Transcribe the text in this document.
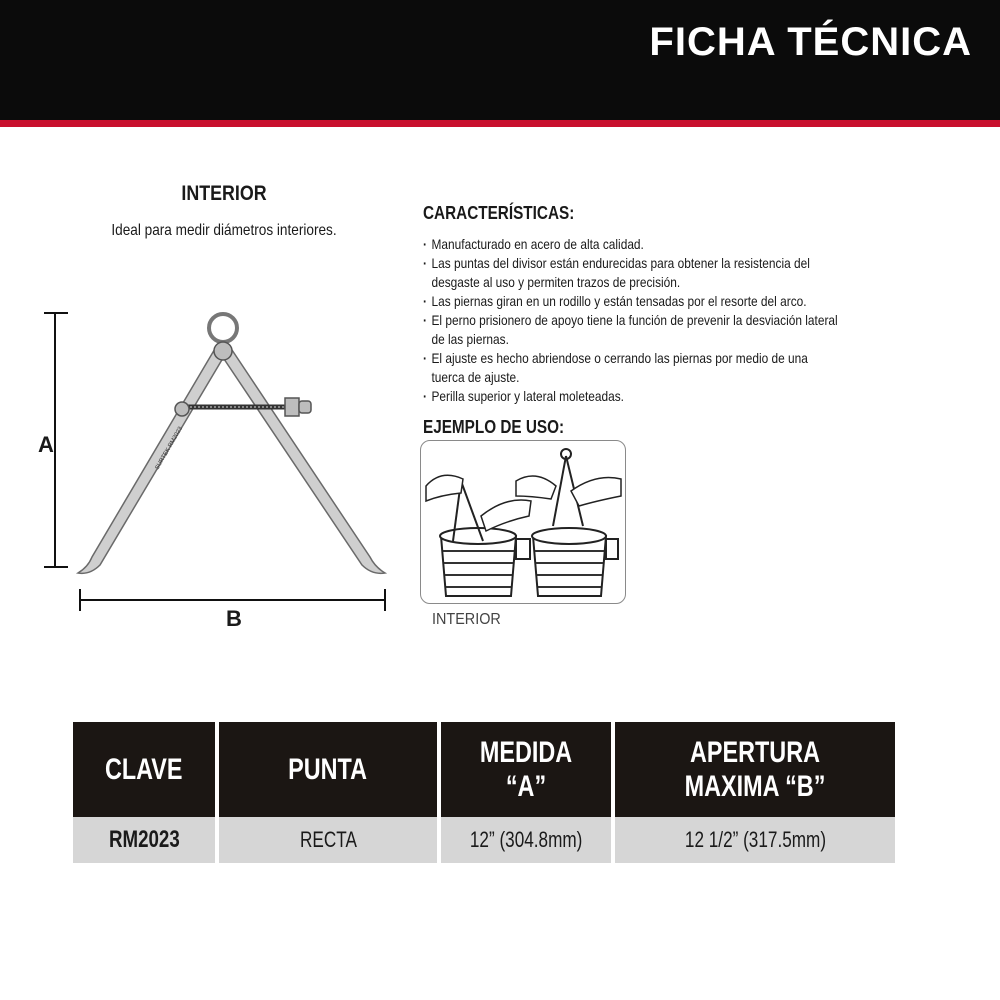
FICHA TÉCNICA
INTERIOR
Ideal para medir diámetros interiores.
SURTEK RM2023
A
B
CARACTERÍSTICAS:
· Manufacturado en acero de alta calidad.
· Las puntas del divisor están endurecidas para obtener la resistencia del desgaste al uso y permiten trazos de precisión.
· Las piernas giran en un rodillo y están tensadas por el resorte del arco.
· El perno prisionero de apoyo tiene la función de prevenir la desviación lateral de las piernas.
· El ajuste es hecho abriendose o cerrando las piernas por medio de una tuerca de ajuste.
· Perilla superior y lateral moleteadas.
EJEMPLO DE USO:
INTERIOR
CLAVE	PUNTA	MEDIDA “A”	APERTURA MAXIMA “B”
RM2023	RECTA	12” (304.8mm)	12 1/2” (317.5mm)
